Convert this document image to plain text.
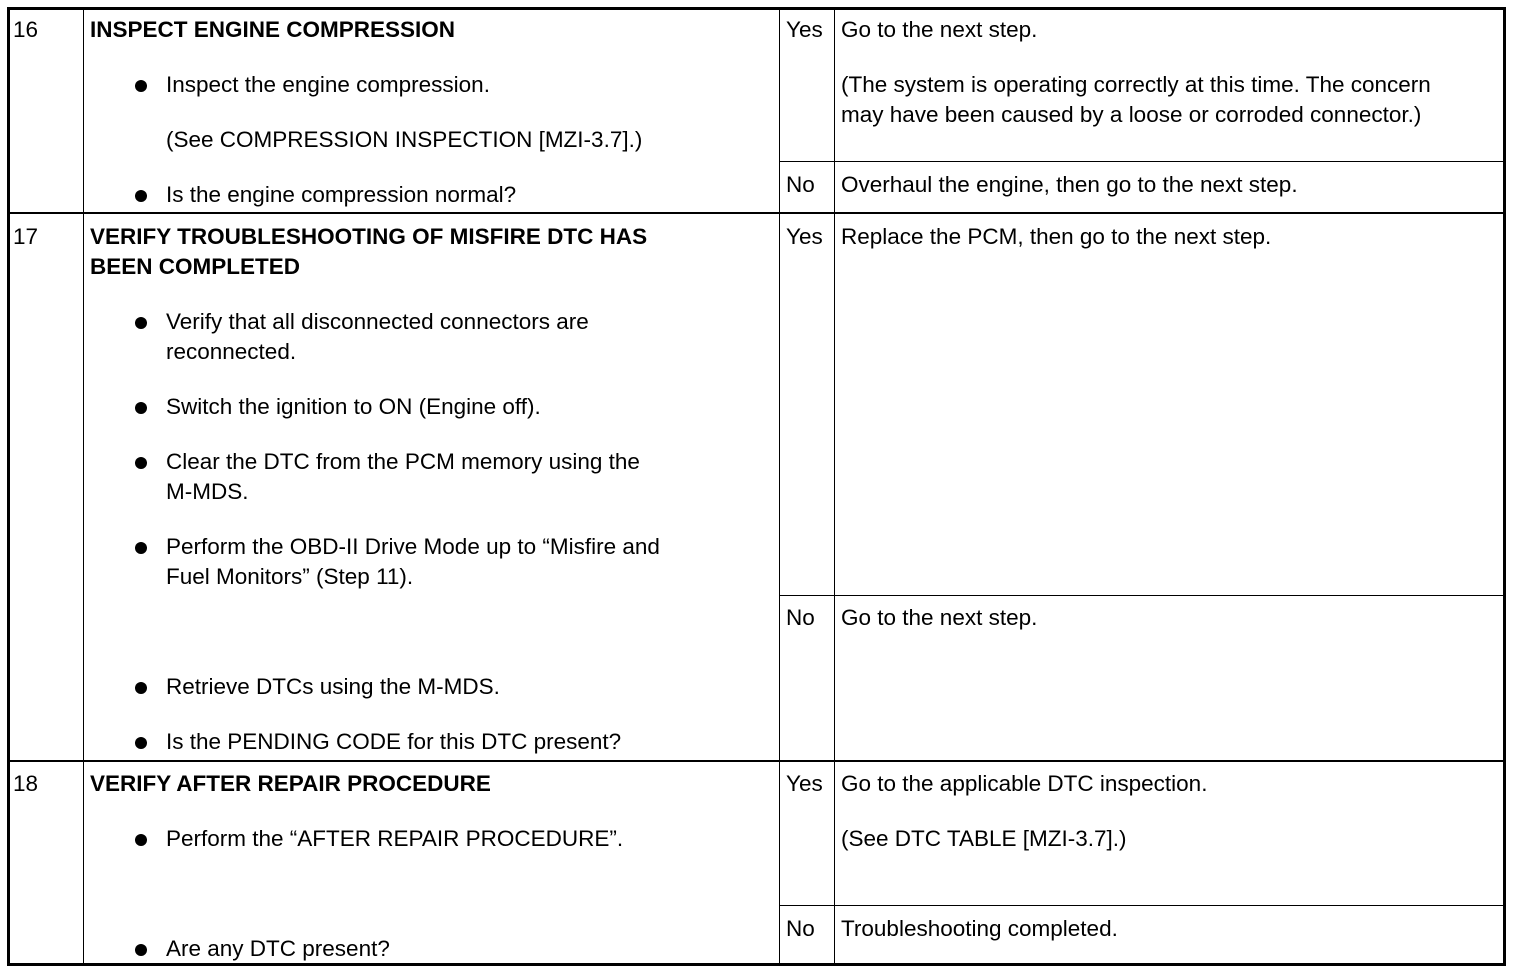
16 INSPECT ENGINE COMPRESSION
Inspect the engine compression.
(See COMPRESSION INSPECTION [MZI-3.7].)
Is the engine compression normal?
Yes Go to the next step.
(The system is operating correctly at this time. The concern
may have been caused by a loose or corroded connector.)
No Overhaul the engine, then go to the next step.
17 VERIFY TROUBLESHOOTING OF MISFIRE DTC HAS
BEEN COMPLETED
Verify that all disconnected connectors are
reconnected.
Switch the ignition to ON (Engine off).
Clear the DTC from the PCM memory using the
M-MDS.
Perform the OBD-II Drive Mode up to “Misfire and
Fuel Monitors” (Step 11).
Retrieve DTCs using the M-MDS.
Is the PENDING CODE for this DTC present?
Yes Replace the PCM, then go to the next step.
No Go to the next step.
18 VERIFY AFTER REPAIR PROCEDURE
Perform the “AFTER REPAIR PROCEDURE”.
Are any DTC present?
Yes Go to the applicable DTC inspection.
(See DTC TABLE [MZI-3.7].)
No Troubleshooting completed.
